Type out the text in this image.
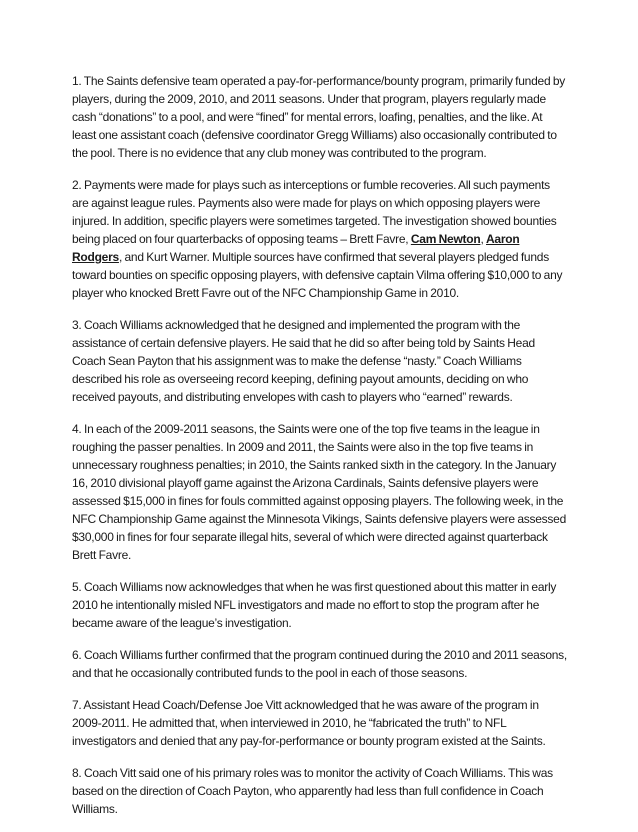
1. The Saints defensive team operated a pay-for-performance/bounty program, primarily funded by players, during the 2009, 2010, and 2011 seasons. Under that program, players regularly made cash “donations” to a pool, and were “fined” for mental errors, loafing, penalties, and the like. At least one assistant coach (defensive coordinator Gregg Williams) also occasionally contributed to the pool. There is no evidence that any club money was contributed to the program.

2. Payments were made for plays such as interceptions or fumble recoveries. All such payments are against league rules. Payments also were made for plays on which opposing players were injured. In addition, specific players were sometimes targeted. The investigation showed bounties being placed on four quarterbacks of opposing teams – Brett Favre, Cam Newton, Aaron Rodgers, and Kurt Warner. Multiple sources have confirmed that several players pledged funds toward bounties on specific opposing players, with defensive captain Vilma offering $10,000 to any player who knocked Brett Favre out of the NFC Championship Game in 2010.

3. Coach Williams acknowledged that he designed and implemented the program with the assistance of certain defensive players. He said that he did so after being told by Saints Head Coach Sean Payton that his assignment was to make the defense “nasty.” Coach Williams described his role as overseeing record keeping, defining payout amounts, deciding on who received payouts, and distributing envelopes with cash to players who “earned” rewards.

4. In each of the 2009-2011 seasons, the Saints were one of the top five teams in the league in roughing the passer penalties. In 2009 and 2011, the Saints were also in the top five teams in unnecessary roughness penalties; in 2010, the Saints ranked sixth in the category. In the January 16, 2010 divisional playoff game against the Arizona Cardinals, Saints defensive players were assessed $15,000 in fines for fouls committed against opposing players. The following week, in the NFC Championship Game against the Minnesota Vikings, Saints defensive players were assessed $30,000 in fines for four separate illegal hits, several of which were directed against quarterback Brett Favre.

5. Coach Williams now acknowledges that when he was first questioned about this matter in early 2010 he intentionally misled NFL investigators and made no effort to stop the program after he became aware of the league’s investigation.

6. Coach Williams further confirmed that the program continued during the 2010 and 2011 seasons, and that he occasionally contributed funds to the pool in each of those seasons.

7. Assistant Head Coach/Defense Joe Vitt acknowledged that he was aware of the program in 2009-2011. He admitted that, when interviewed in 2010, he “fabricated the truth” to NFL investigators and denied that any pay-for-performance or bounty program existed at the Saints.

8. Coach Vitt said one of his primary roles was to monitor the activity of Coach Williams. This was based on the direction of Coach Payton, who apparently had less than full confidence in Coach Williams.
